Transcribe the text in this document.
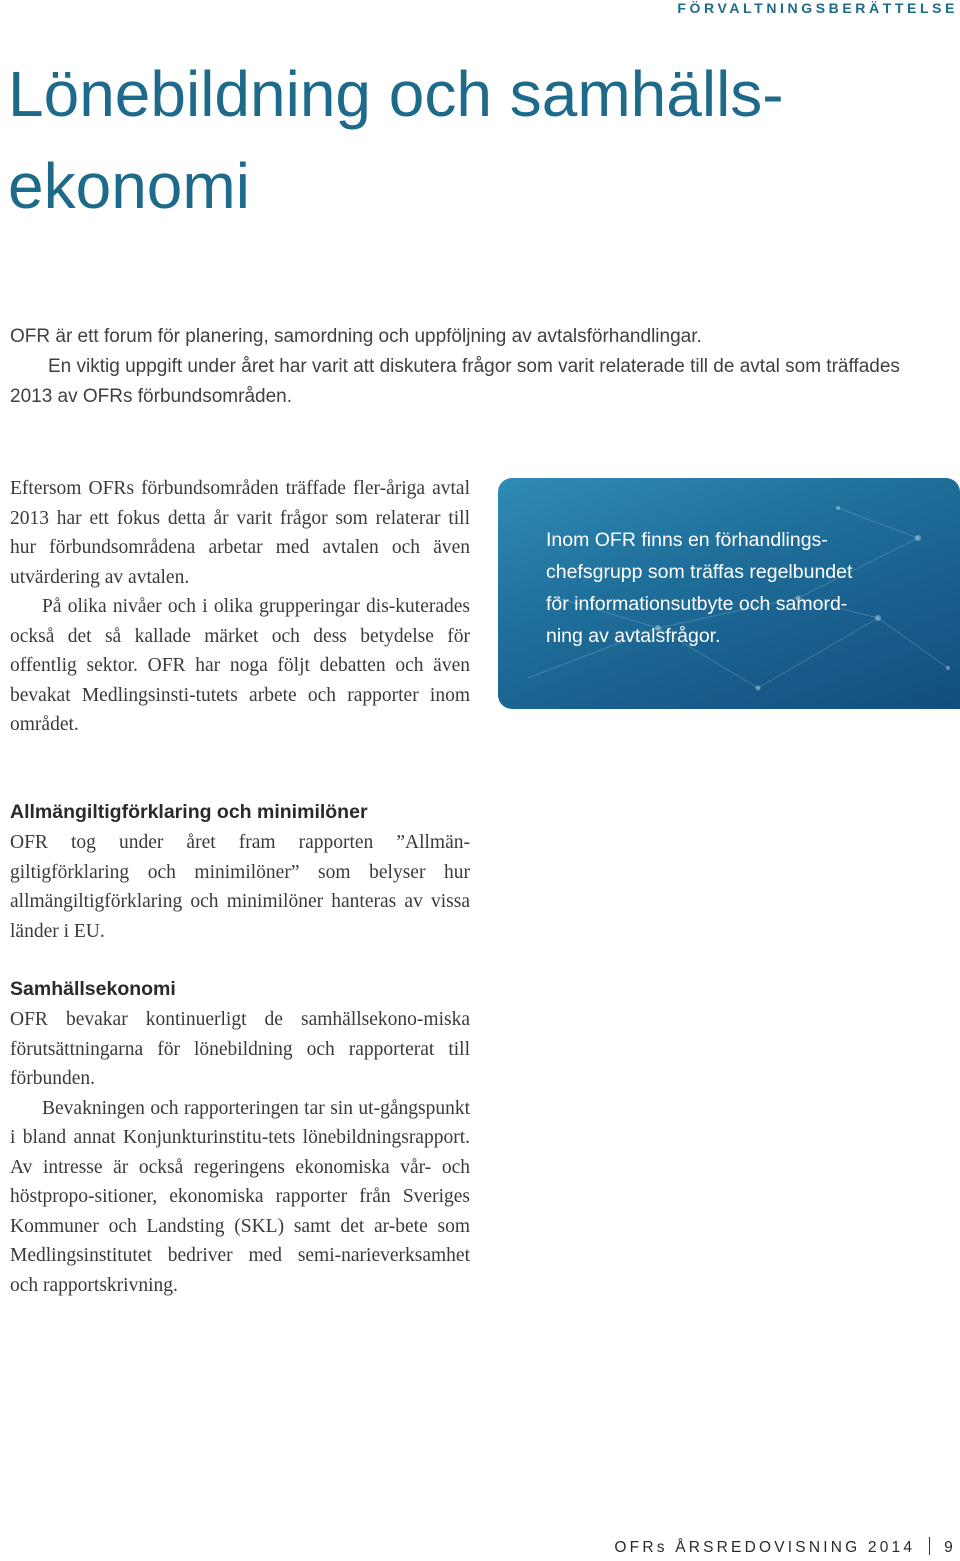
FÖRVALTNINGSBERÄTTELSE
Lönebildning och samhälls-
ekonomi

OFR är ett forum för planering, samordning och uppföljning av avtalsförhandlingar.

En viktig uppgift under året har varit att diskutera frågor som varit relaterade till de avtal som träffades 2013 av OFRs förbundsområden.

Eftersom OFRs förbundsområden träffade fler-åriga avtal 2013 har ett fokus detta år varit frågor som relaterar till hur förbundsområdena arbetar med avtalen och även utvärdering av avtalen.

På olika nivåer och i olika grupperingar dis-kuterades också det så kallade märket och dess betydelse för offentlig sektor. OFR har noga följt debatten och även bevakat Medlingsinsti-tutets arbete och rapporter inom området.

Allmängiltigförklaring och minimilöner

OFR tog under året fram rapporten ”Allmän-giltigförklaring och minimilöner” som belyser hur allmängiltigförklaring och minimilöner hanteras av vissa länder i EU.

Samhällsekonomi

OFR bevakar kontinuerligt de samhällsekono-miska förutsättningarna för lönebildning och rapporterat till förbunden.

Bevakningen och rapporteringen tar sin ut-gångspunkt i bland annat Konjunkturinstitu-tets lönebildningsrapport. Av intresse är också regeringens ekonomiska vår- och höstpropo-sitioner, ekonomiska rapporter från Sveriges Kommuner och Landsting (SKL) samt det ar-bete som Medlingsinstitutet bedriver med semi-narieverksamhet och rapportskrivning.

Inom OFR finns en förhandlings-
chefsgrupp som träffas regelbundet
för informationsutbyte och samord-
ning av avtalsfrågor.
OFRs ÅRSREDOVISNING 2014 9
